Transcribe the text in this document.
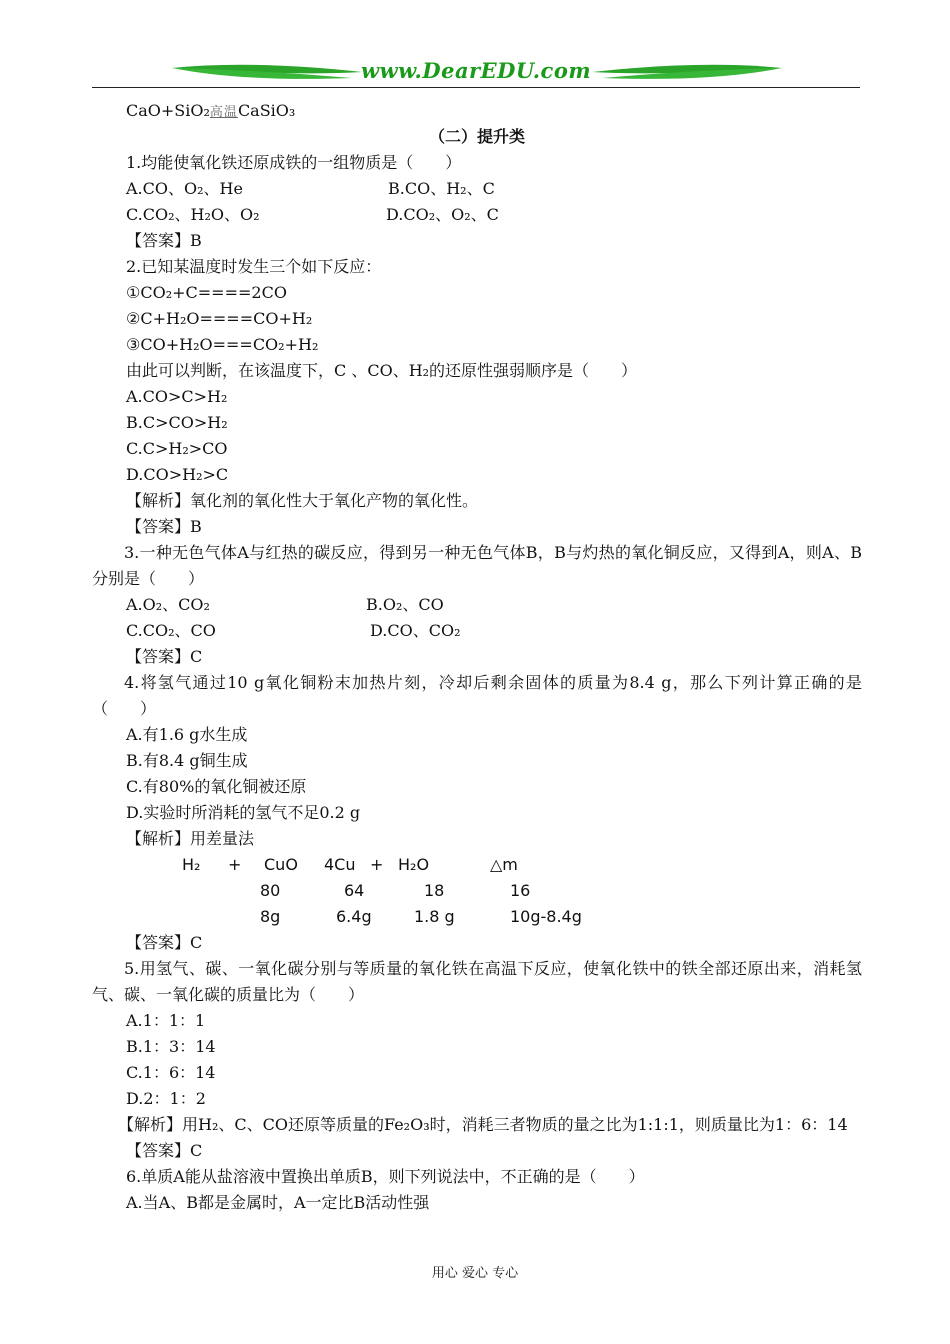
www.DearEDU.com
CaO+SiO₂高温CaSiO₃
（二）提升类
1.均能使氧化铁还原成铁的一组物质是（　　）
A.CO、O₂、He	B.CO、H₂、C
C.CO₂、H₂O、O₂	D.CO₂、O₂、C
【答案】B
2.已知某温度时发生三个如下反应：
①CO₂+C====2CO
②C+H₂O====CO+H₂
③CO+H₂O===CO₂+H₂
由此可以判断，在该温度下，C 、CO、H₂的还原性强弱顺序是（　　）
A.CO>C>H₂
B.C>CO>H₂
C.C>H₂>CO
D.CO>H₂>C
【解析】氧化剂的氧化性大于氧化产物的氧化性。
【答案】B
3.一种无色气体A与红热的碳反应，得到另一种无色气体B，B与灼热的氧化铜反应，又得到A，则A、B分别是（　　）
A.O₂、CO₂	B.O₂、CO
C.CO₂、CO	D.CO、CO₂
【答案】C
4.将氢气通过10 g氧化铜粉末加热片刻，冷却后剩余固体的质量为8.4 g，那么下列计算正确的是（　　）
A.有1.6 g水生成
B.有8.4 g铜生成
C.有80%的氧化铜被还原
D.实验时所消耗的氢气不足0.2 g
【解析】用差量法
H₂ + CuO 4Cu + H₂O	△m
80	64	18	16
8g	6.4g	1.8 g	10g-8.4g
【答案】C
5.用氢气、碳、一氧化碳分别与等质量的氧化铁在高温下反应，使氧化铁中的铁全部还原出来，消耗氢气、碳、一氧化碳的质量比为（　　）
A.1：1：1
B.1：3：14
C.1：6：14
D.2：1：2
【解析】用H₂、C、CO还原等质量的Fe₂O₃时，消耗三者物质的量之比为1:1:1，则质量比为1：6：14
【答案】C
6.单质A能从盐溶液中置换出单质B，则下列说法中，不正确的是（　　）
A.当A、B都是金属时，A一定比B活动性强
用心 爱心 专心
